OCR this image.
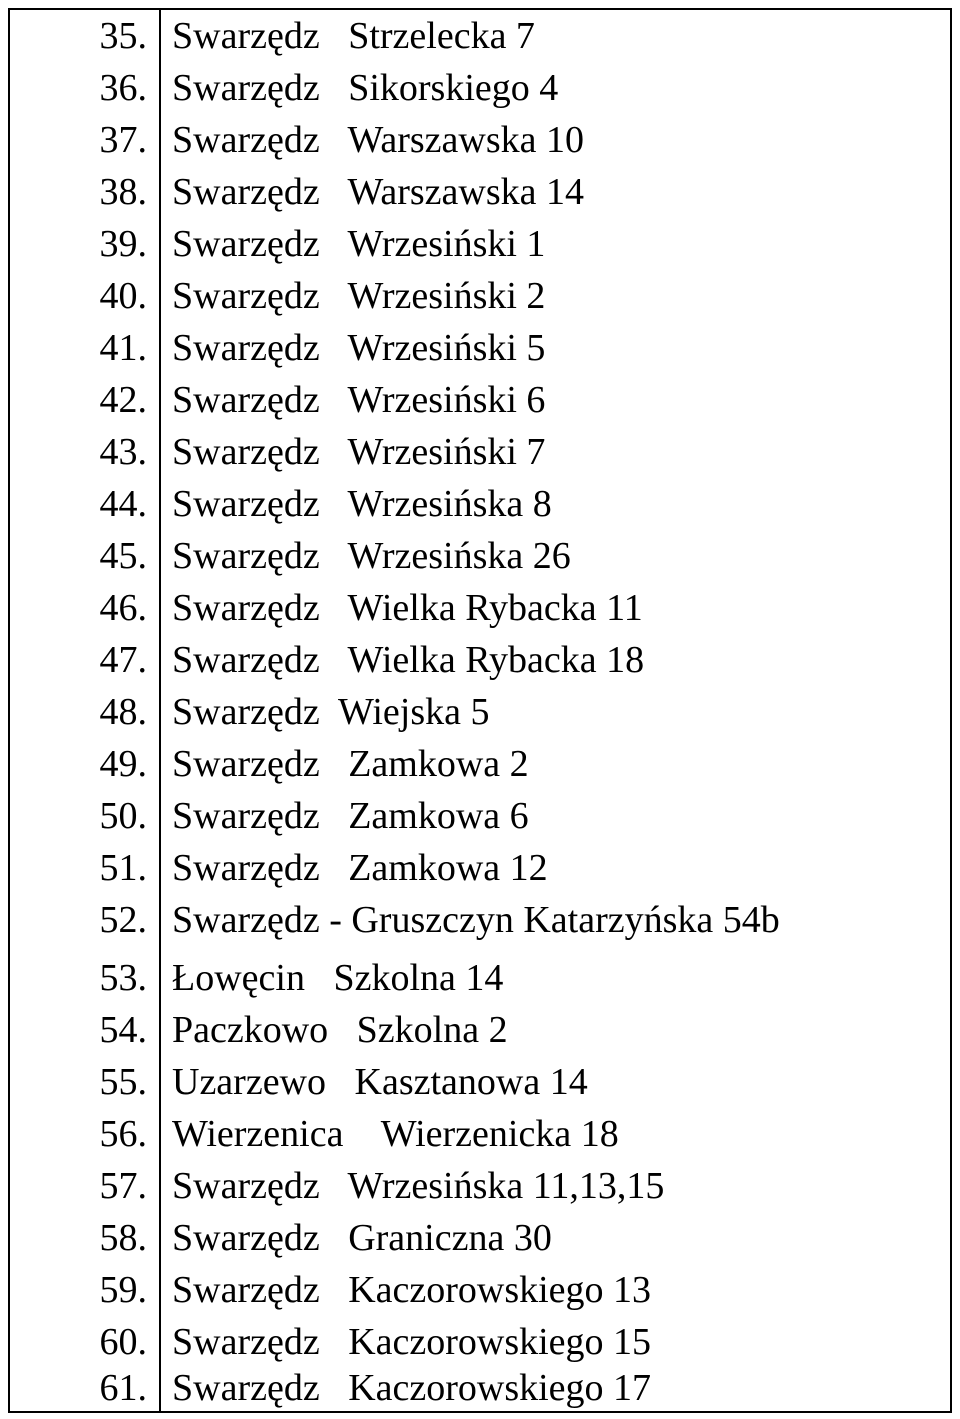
35. Swarzędz   Strzelecka 7
36. Swarzędz   Sikorskiego 4
37. Swarzędz   Warszawska 10
38. Swarzędz   Warszawska 14
39. Swarzędz   Wrzesiński 1
40. Swarzędz   Wrzesiński 2
41. Swarzędz   Wrzesiński 5
42. Swarzędz   Wrzesiński 6
43. Swarzędz   Wrzesiński 7
44. Swarzędz   Wrzesińska 8
45. Swarzędz   Wrzesińska 26
46. Swarzędz   Wielka Rybacka 11
47. Swarzędz   Wielka Rybacka 18
48. Swarzędz  Wiejska 5
49. Swarzędz   Zamkowa 2
50. Swarzędz   Zamkowa 6
51. Swarzędz   Zamkowa 12
52. Swarzędz - Gruszczyn Katarzyńska 54b
53. Łowęcin   Szkolna 14
54. Paczkowo   Szkolna 2
55. Uzarzewo   Kasztanowa 14
56. Wierzenica    Wierzenicka 18
57. Swarzędz   Wrzesińska 11,13,15
58. Swarzędz   Graniczna 30
59. Swarzędz   Kaczorowskiego 13
60. Swarzędz   Kaczorowskiego 15
61. Swarzędz   Kaczorowskiego 17
